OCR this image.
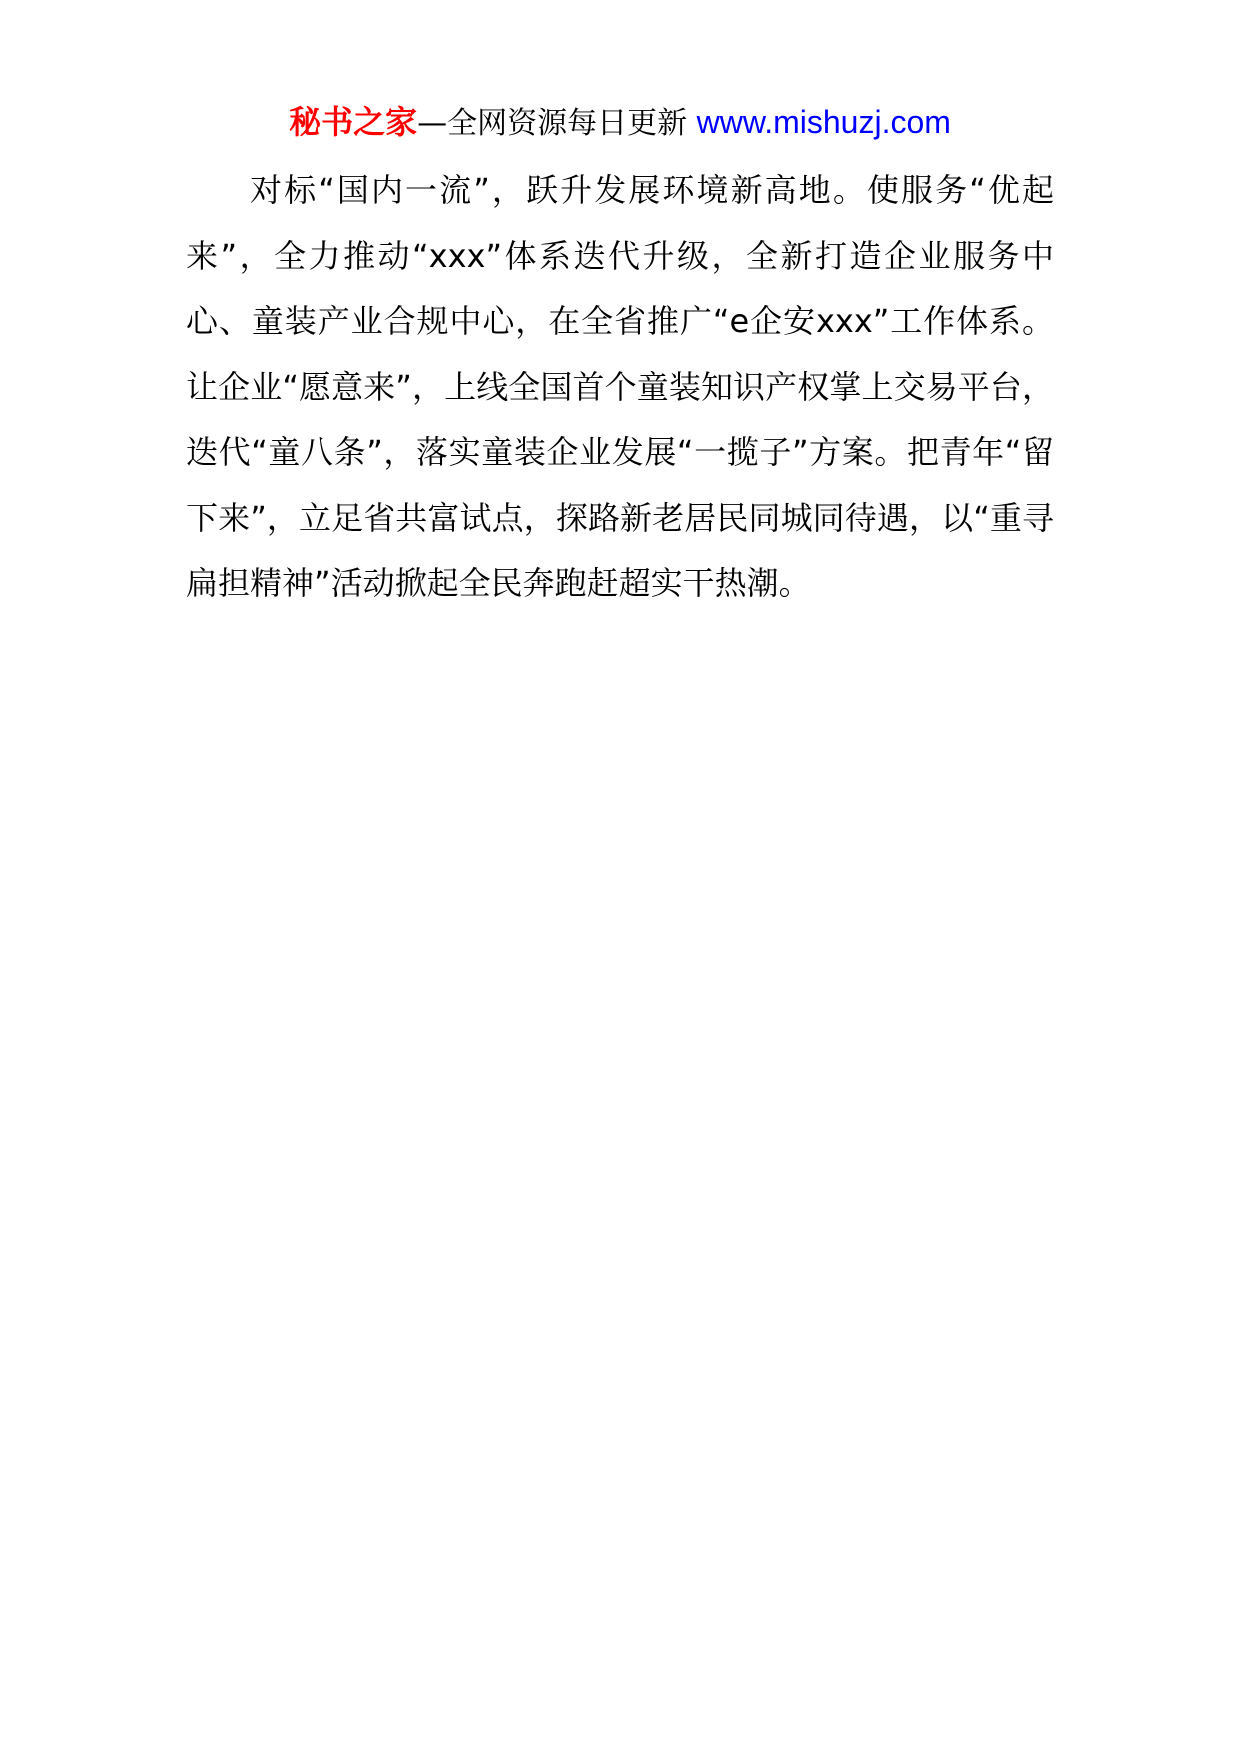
秘书之家—全网资源每日更新 www.mishuzj.com

对标“国内一流”，跃升发展环境新高地。使服务“优起来”，全力推动“xxx”体系迭代升级，全新打造企业服务中心、童装产业合规中心，在全省推广“e企安xxx”工作体系。让企业“愿意来”，上线全国首个童装知识产权掌上交易平台，迭代“童八条”，落实童装企业发展“一揽子”方案。把青年“留下来”，立足省共富试点，探路新老居民同城同待遇，以“重寻扁担精神”活动掀起全民奔跑赶超实干热潮。
